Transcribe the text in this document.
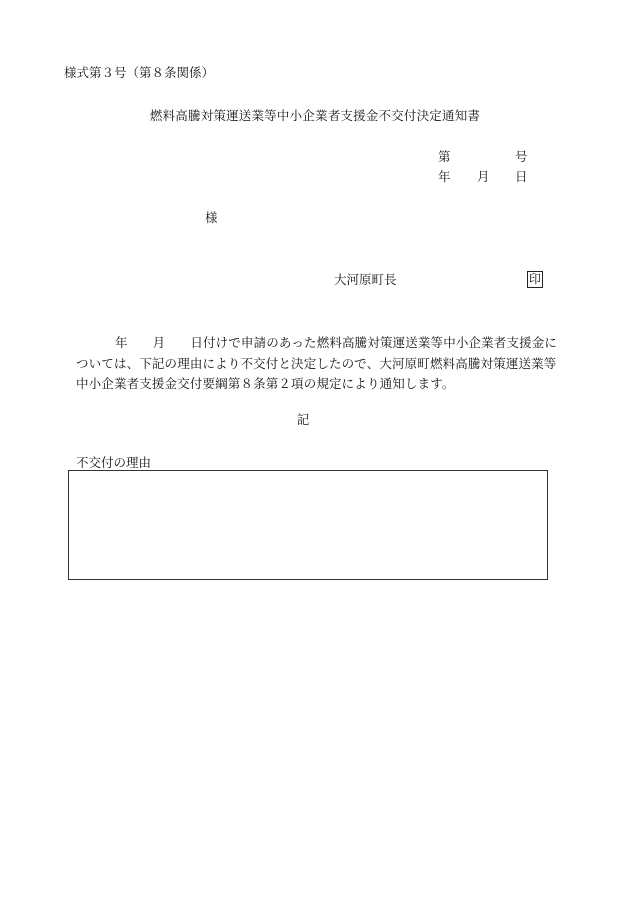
様式第３号（第８条関係）
燃料高騰対策運送業等中小企業者支援金不交付決定通知書
第	号
年 月 日
様
大河原町長	印
年 月 日付けで申請のあった燃料高騰対策運送業等中小企業者支援金に
ついては、下記の理由により不交付と決定したので、大河原町燃料高騰対策運送業等
中小企業者支援金交付要綱第８条第２項の規定により通知します。
記
不交付の理由
